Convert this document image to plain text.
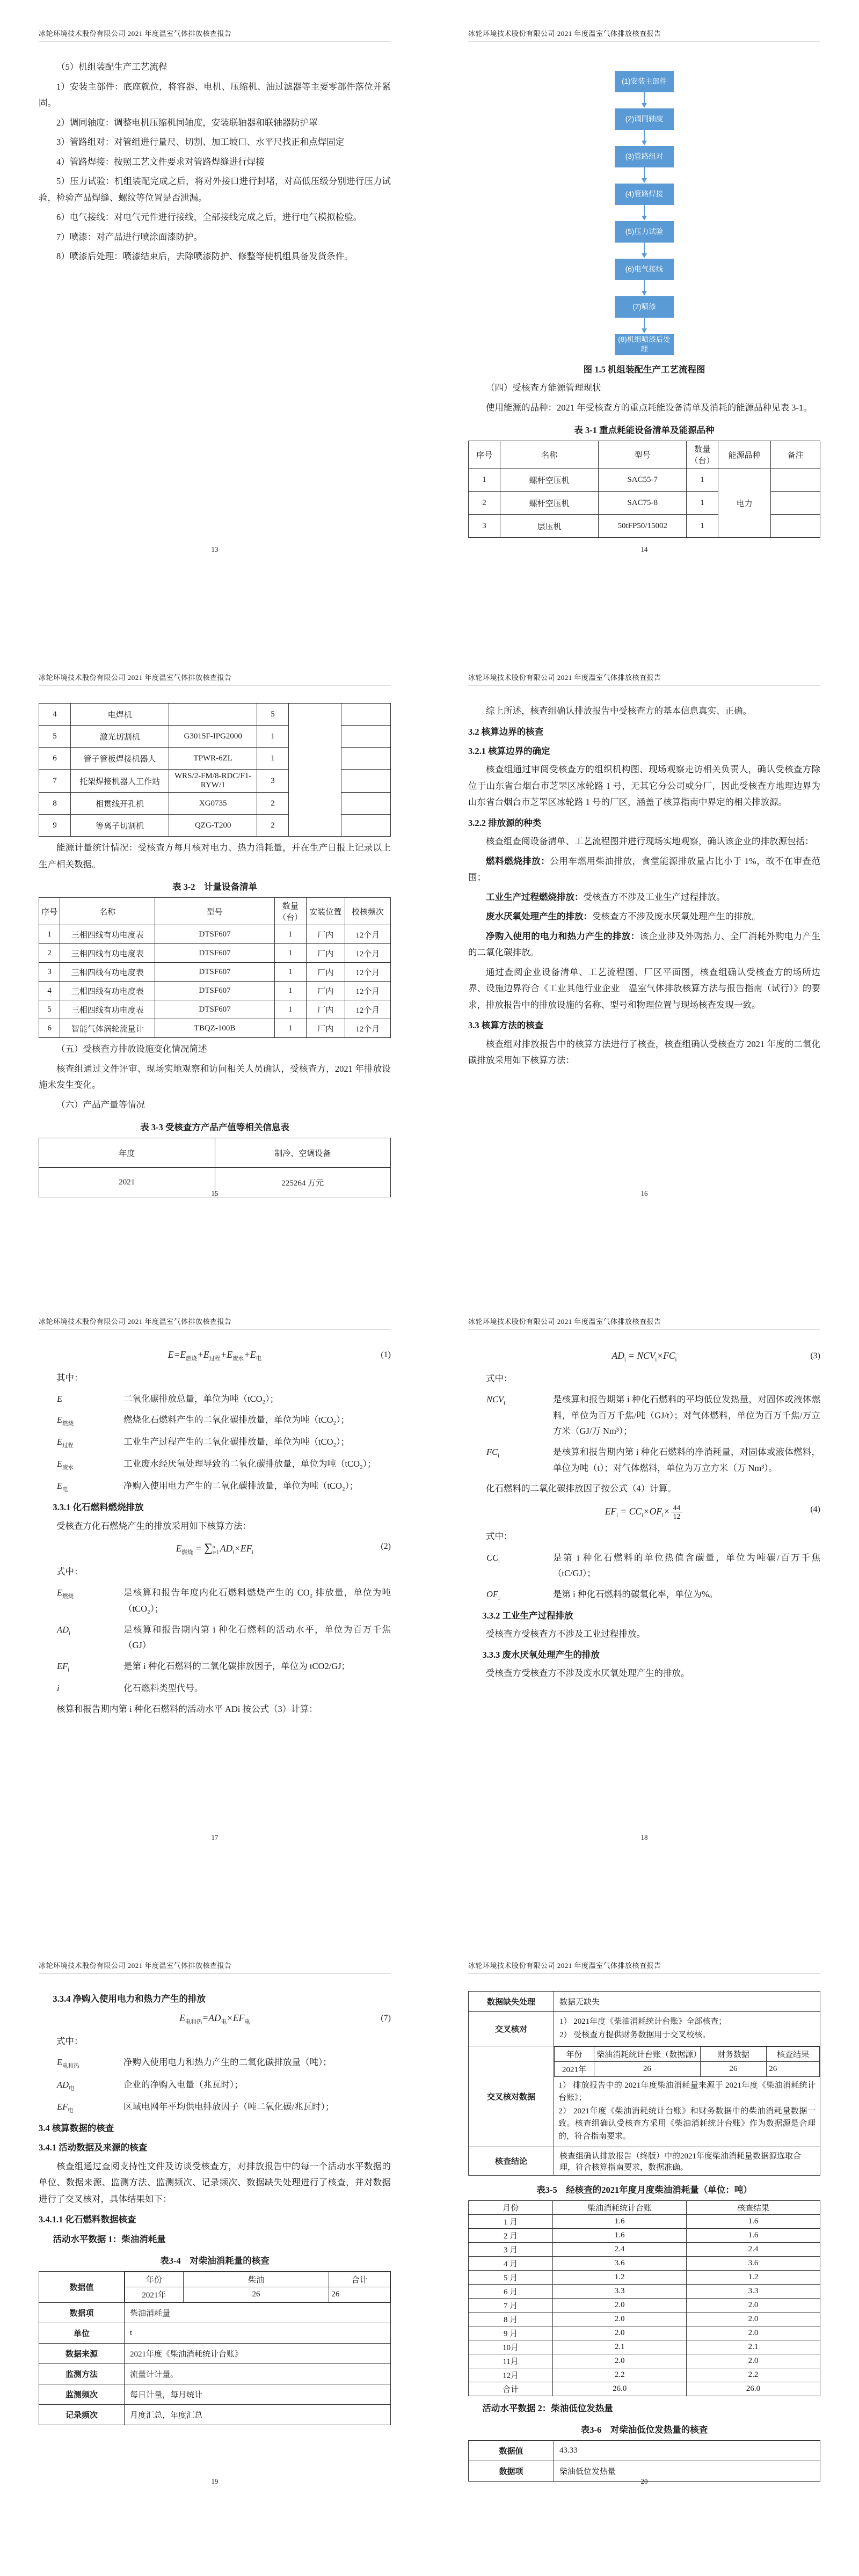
冰轮环境技术股份有限公司 2021 年度温室气体排放核查报告

（5）机组装配生产工艺流程

1）安装主部件：底座就位，将容器、电机、压缩机、油过滤器等主要零部件落位并紧固。

2）调同轴度：调整电机压缩机同轴度，安装联轴器和联轴器防护罩

3）管路组对：对管组进行量尺、切割、加工坡口、水平尺找正和点焊固定

4）管路焊接：按照工艺文件要求对管路焊缝进行焊接

5）压力试验：机组装配完成之后，将对外接口进行封堵，对高低压级分别进行压力试验，检验产品焊缝、螺纹等位置是否泄漏。

6）电气接线：对电气元件进行接线，全部接线完成之后，进行电气模拟检验。

7）喷漆：对产品进行喷涂面漆防护。

8）喷漆后处理：喷漆结束后，去除喷漆防护、修整等使机组具备发货条件。

13
冰轮环境技术股份有限公司 2021 年度温室气体排放核查报告
(1)安装主部件
(2)调同轴度
(3)管路组对
(4)管路焊接
(5)压力试验
(6)电气接线
(7)喷漆
(8)机组喷漆后处理

图 1.5 机组装配生产工艺流程图

（四）受核查方能源管理现状

使用能源的品种：2021 年受核查方的重点耗能设备清单及消耗的能源品种见表 3-1。

表 3-1 重点耗能设备清单及能源品种

序号	名称	型号	数量（台）	能源品种	备注
1	螺杆空压机	SAC55-7	1	电力	
2	螺杆空压机	SAC75-8	1		
3	层压机	50tFP50/15002	1		
14
冰轮环境技术股份有限公司 2021 年度温室气体排放核查报告
4	电焊机		5		
5	激光切割机	G3015F-IPG2000	1		
6	管子管板焊接机器人	TPWR-6ZL	1		
7	托架焊接机器人工作站	WRS/2-FM/8-RDC/F1-RYW/1	3		
8	相贯线开孔机	XG0735	2		
9	等离子切割机	QZG-T200	2		

能源计量统计情况：受核查方每月核对电力、热力消耗量，并在生产日报上记录以上生产相关数据。

表 3-2　计量设备清单

序号	名称	型号	数量（台）	安装位置	校核频次
1	三相四线有功电度表	DTSF607	1	厂内	12个月
2	三相四线有功电度表	DTSF607	1	厂内	12个月
3	三相四线有功电度表	DTSF607	1	厂内	12个月
4	三相四线有功电度表	DTSF607	1	厂内	12个月
5	三相四线有功电度表	DTSF607	1	厂内	12个月
6	智能气体涡轮流量计	TBQZ-100B	1	厂内	12个月

（五）受核查方排放设施变化情况简述

核查组通过文件评审、现场实地观察和访问相关人员确认，受核查方，2021 年排放设施未发生变化。

（六）产品产量等情况

表 3-3 受核查方产品产值等相关信息表

年度	制冷、空调设备
2021	225264 万元
15
冰轮环境技术股份有限公司 2021 年度温室气体排放核查报告

综上所述，核查组确认排放报告中受核查方的基本信息真实、正确。

3.2 核算边界的核查

3.2.1 核算边界的确定

核查组通过审阅受核查方的组织机构图、现场观察走访相关负责人，确认受核查方除位于山东省台烟台市芝罘区冰轮路 1 号，无其它分公司或分厂，因此受核查方地理边界为山东省台烟台市芝罘区冰轮路 1 号的厂区，涵盖了核算指南中界定的相关排放源。

3.2.2 排放源的种类

核查组查阅设备清单、工艺流程图并进行现场实地观察，确认该企业的排放源包括：

燃料燃烧排放：公用车燃用柴油排放，食堂能源排放量占比小于 1%，故不在审查范围；

工业生产过程燃烧排放：受核查方不涉及工业生产过程排放。

废水厌氧处理产生的排放：受核查方不涉及废水厌氧处理产生的排放。

净购入使用的电力和热力产生的排放：该企业涉及外购热力、全厂消耗外购电力产生的二氧化碳排放。

通过查阅企业设备清单、工艺流程图、厂区平面图，核查组确认受核查方的场所边界、设施边界符合《工业其他行业企业　温室气体排放核算方法与报告指南（试行）》的要求，排放报告中的排放设施的名称、型号和物理位置与现场核查发现一致。

3.3 核算方法的核查

核查组对排放报告中的核算方法进行了核查，核查组确认受核查方 2021 年度的二氧化碳排放采用如下核算方法：

16
冰轮环境技术股份有限公司 2021 年度温室气体排放核查报告
$E=E_{燃烧}+E_{过程}+E_{废水}+E_电$	(1)

其中：

E	二氧化碳排放总量，单位为吨（tCO₂）；
$E_{燃烧}$	燃烧化石燃料产生的二氧化碳排放量，单位为吨（tCO₂）；
$E_{过程}$	工业生产过程产生的二氧化碳排放量，单位为吨（tCO₂）；
$E_{废水}$	工业废水经厌氧处理导致的二氧化碳排放量，单位为吨（tCO₂）；
$E_电$	净购入使用电力产生的二氧化碳排放量，单位为吨（tCO₂）；

3.3.1 化石燃料燃烧排放

受核查方化石燃烧产生的排放采用如下核算方法：

$E_{燃烧}$ = ∑ n
i=1 $AD_i\times EF_i$
(2)

式中：

$E_{燃烧}$	是核算和报告年度内化石燃料燃烧产生的 CO₂ 排放量，单位为吨（tCO₂）；
$AD_i$	是核算和报告期内第 i 种化石燃料的活动水平，单位为百万千焦（GJ）
$EF_i$	是第 i 种化石燃料的二氧化碳排放因子，单位为 tCO2/GJ；
i	化石燃料类型代号。

核算和报告期内第 i 种化石燃料的活动水平 ADi 按公式（3）计算：

17
冰轮环境技术股份有限公司 2021 年度温室气体排放核查报告
$AD_i = NCV_i\times FC_i$	(3)

式中：

$NCV_i$	是核算和报告期第 i 种化石燃料的平均低位发热量，对固体或液体燃料，单位为百万千焦/吨（GJ/t）；对气体燃料，单位为百万千焦/万立方米（GJ/万 Nm³）；
$FC_i$	是核算和报告期内第 i 种化石燃料的净消耗量，对固体或液体燃料，单位为吨（t）；对气体燃料，单位为万立方米（万 Nm³）。

化石燃料的二氧化碳排放因子按公式（4）计算。

$EF_i = CC_i\times OF_i\times \frac{44}{12}$	(4)

式中：

$CC_i$	是第 i 种化石燃料的单位热值含碳量，单位为吨碳/百万千焦（tC/GJ）；
$OF_i$	是第 i 种化石燃料的碳氧化率，单位为%。

3.3.2 工业生产过程排放

受核查方受核查方不涉及工业过程排放。

3.3.3 废水厌氧处理产生的排放

受核查方受核查方不涉及废水厌氧处理产生的排放。

18
冰轮环境技术股份有限公司 2021 年度温室气体排放核查报告

3.3.4 净购入使用电力和热力产生的排放

$E_{电和热}=AD_电\times EF_电$	(7)

式中：

$E_{电和热}$	净购入使用电力和热力产生的二氧化碳排放量（吨）；
$AD_电$	企业的净购入电量（兆瓦时）；
$EF_电$	区域电网年平均供电排放因子（吨二氧化碳/兆瓦时）；

3.4 核算数据的核查

3.4.1 活动数据及来源的核查

核查组通过查阅支持性文件及访谈受核查方，对排放报告中的每一个活动水平数据的单位、数据来源、监测方法、监测频次、记录频次、数据缺失处理进行了核查，并对数据进行了交叉核对，具体结果如下：

3.4.1.1 化石燃料数据核查

活动水平数据 1：柴油消耗量

表3-4　对柴油消耗量的核查

数据值	
年份	柴油	合计
2021年	26	26

数据项	柴油消耗量
单位	t
数据来源	2021年度《柴油消耗统计台账》
监测方法	流量计计量。
监测频次	每日计量，每月统计
记录频次	月度汇总，年度汇总
19
冰轮环境技术股份有限公司 2021 年度温室气体排放核查报告
数据缺失处理	数据无缺失
交叉核对	

1） 2021年度《柴油消耗统计台账》全部核查；

2） 受核查方提供财务数据用于交叉校核。

交叉核对数据	
年份	柴油消耗统计台账（数据源）	财务数据	核查结果
2021年	26	26	26

1） 排放报告中的 2021年度柴油消耗量来源于 2021年度《柴油消耗统计台账》；

2） 2021年度《柴油消耗统计台账》和财务数据中的柴油消耗量数据一致。核查组确认受核查方采用《柴油消耗统计台账》作为数据源是合理的，符合指南要求。

核查结论	核查组确认排放报告（终版）中的2021年度柴油消耗量数据源选取合理，符合核算指南要求，数据准确。

表3-5　经核查的2021年度月度柴油消耗量（单位：吨）

月份	柴油消耗统计台账	核查结果
1 月	1.6	1.6
2 月	1.6	1.6
3 月	2.4	2.4
4 月	3.6	3.6
5 月	1.2	1.2
6 月	3.3	3.3
7 月	2.0	2.0
8 月	2.0	2.0
9 月	2.0	2.0
10月	2.1	2.1
11月	2.0	2.0
12月	2.2	2.2
合计	26.0	26.0

活动水平数据 2：柴油低位发热量

表3-6　对柴油低位发热量的核查

数据值	43.33
数据项	柴油低位发热量
20
